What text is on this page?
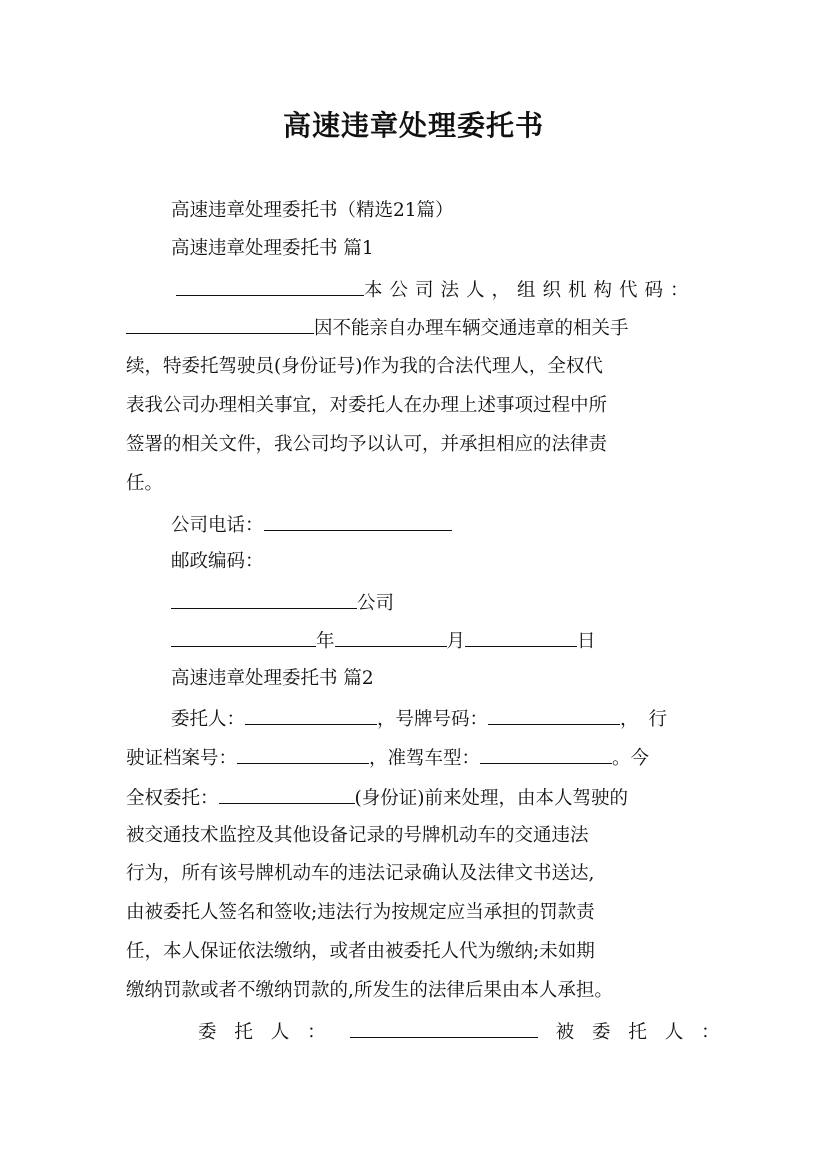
高速违章处理委托书
高速违章处理委托书（精选21篇）
高速违章处理委托书 篇1
本公司法人，组织机构代码：
因不能亲自办理车辆交通违章的相关手
续，特委托驾驶员(身份证号)作为我的合法代理人，全权代
表我公司办理相关事宜，对委托人在办理上述事项过程中所
签署的相关文件，我公司均予以认可，并承担相应的法律责
任。
公司电话：
邮政编码：
公司
年	月	日
高速违章处理委托书 篇2
委托人：	，号牌号码：	，行
驶证档案号：	，准驾车型：	。今
全权委托：	(身份证)前来处理，由本人驾驶的
被交通技术监控及其他设备记录的号牌机动车的交通违法
行为，所有该号牌机动车的违法记录确认及法律文书送达,
由被委托人签名和签收;违法行为按规定应当承担的罚款责
任，本人保证依法缴纳，或者由被委托人代为缴纳;未如期
缴纳罚款或者不缴纳罚款的,所发生的法律后果由本人承担。
委 托 人 ：	被 委 托 人 ：
